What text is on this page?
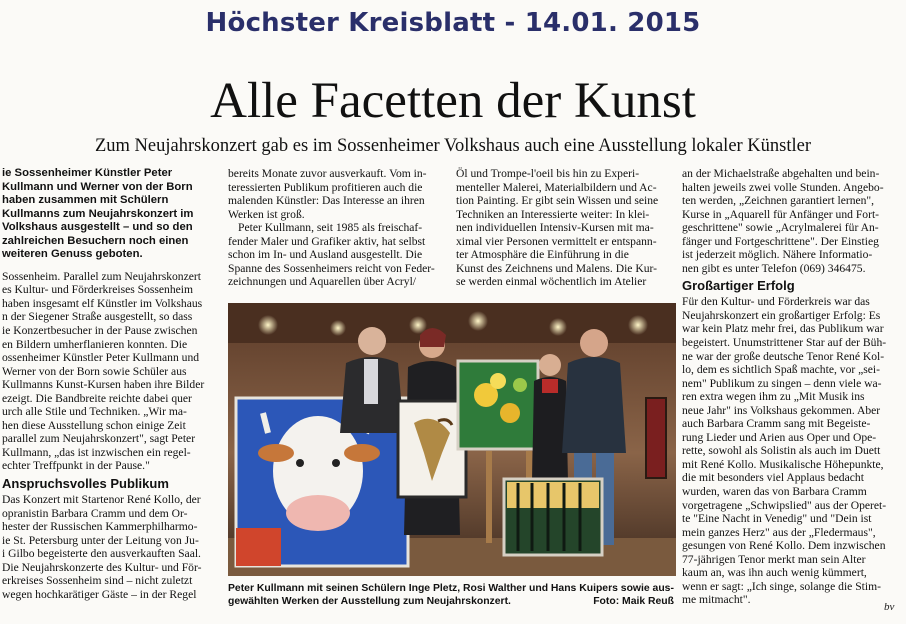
Höchster Kreisblatt - 14.01. 2015
Alle Facetten der Kunst
Zum Neujahrskonzert gab es im Sossenheimer Volkshaus auch eine Ausstellung lokaler Künstler
ie Sossenheimer Künstler Peter
Kullmann und Werner von der Born
haben zusammen mit Schülern
Kullmanns zum Neujahrskonzert im
Volkshaus ausgestellt – und so den
zahlreichen Besuchern noch einen
weiteren Genuss geboten.
Sossenheim. Parallel zum Neujahrskonzert
es Kultur- und Förderkreises Sossenheim
haben insgesamt elf Künstler im Volkshaus
n der Siegener Straße ausgestellt, so dass
ie Konzertbesucher in der Pause zwischen
en Bildern umherflanieren konnten. Die
ossenheimer Künstler Peter Kullmann und
Werner von der Born sowie Schüler aus
Kullmanns Kunst-Kursen haben ihre Bilder
ezeigt. Die Bandbreite reichte dabei quer
urch alle Stile und Techniken. „Wir ma-
hen diese Ausstellung schon einige Zeit
parallel zum Neujahrskonzert", sagt Peter
Kullmann, „das ist inzwischen ein regel-
echter Treffpunkt in der Pause."
Anspruchsvolles Publikum
Das Konzert mit Startenor René Kollo, der
opranistin Barbara Cramm und dem Or-
hester der Russischen Kammerphilharmo-
ie St. Petersburg unter der Leitung von Ju-
i Gilbo begeisterte den ausverkauften Saal.
Die Neujahrskonzerte des Kultur- und För-
erkreises Sossenheim sind – nicht zuletzt
wegen hochkarätiger Gäste – in der Regel
bereits Monate zuvor ausverkauft. Vom in-
teressierten Publikum profitieren auch die
malenden Künstler: Das Interesse an ihren
Werken ist groß.
Peter Kullmann, seit 1985 als freischaf-
fender Maler und Grafiker aktiv, hat selbst
schon im In- und Ausland ausgestellt. Die
Spanne des Sossenheimers reicht von Feder-
zeichnungen und Aquarellen über Acryl/
Öl und Trompe-l'oeil bis hin zu Experi-
menteller Malerei, Materialbildern und Ac-
tion Painting. Er gibt sein Wissen und seine
Techniken an Interessierte weiter: In klei-
nen individuellen Intensiv-Kursen mit ma-
ximal vier Personen vermittelt er entspann-
ter Atmosphäre die Einführung in die
Kunst des Zeichnens und Malens. Die Kur-
se werden einmal wöchentlich im Atelier
an der Michaelstraße abgehalten und bein-
halten jeweils zwei volle Stunden. Angebo-
ten werden, „Zeichnen garantiert lernen",
Kurse in „Aquarell für Anfänger und Fort-
geschrittene" sowie „Acrylmalerei für An-
fänger und Fortgeschrittene". Der Einstieg
ist jederzeit möglich. Nähere Informatio-
nen gibt es unter Telefon (069) 346475.
Großartiger Erfolg
Für den Kultur- und Förderkreis war das
Neujahrskonzert ein großartiger Erfolg: Es
war kein Platz mehr frei, das Publikum war
begeistert. Unumstrittener Star auf der Büh-
ne war der große deutsche Tenor René Kol-
lo, dem es sichtlich Spaß machte, vor „sei-
nem" Publikum zu singen – denn viele wa-
ren extra wegen ihm zu „Mit Musik ins
neue Jahr" ins Volkshaus gekommen. Aber
auch Barbara Cramm sang mit Begeiste-
rung Lieder und Arien aus Oper und Ope-
rette, sowohl als Solistin als auch im Duett
mit René Kollo. Musikalische Höhepunkte,
die mit besonders viel Applaus bedacht
wurden, waren das von Barbara Cramm
vorgetragene „Schwipslied" aus der Operet-
te "Eine Nacht in Venedig" und "Dein ist
mein ganzes Herz" aus der „Fledermaus",
gesungen von René Kollo. Dem inzwischen
77-jährigen Tenor merkt man sein Alter
kaum an, was ihn auch wenig kümmert,
wenn er sagt: „Ich singe, solange die Stim-
me mitmacht".
Peter Kullmann mit seinen Schülern Inge Pletz, Rosi Walther und Hans Kuipers sowie aus-
gewählten Werken der Ausstellung zum Neujahrskonzert.	Foto: Maik Reuß	bv
